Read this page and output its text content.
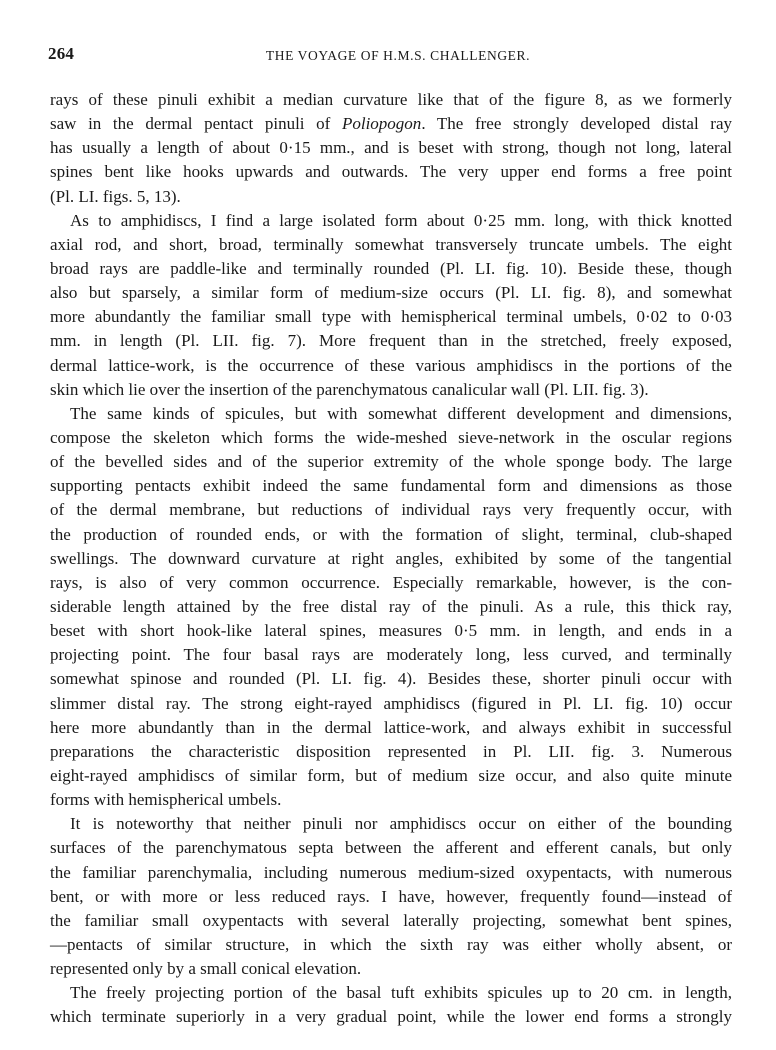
264	THE VOYAGE OF H.M.S. CHALLENGER.

rays of these pinuli exhibit a median curvature like that of the figure 8, as we formerly
saw in the dermal pentact pinuli of Poliopogon. The free strongly developed distal ray
has usually a length of about 0·15 mm., and is beset with strong, though not long, lateral
spines bent like hooks upwards and outwards. The very upper end forms a free point
(Pl. LI. figs. 5, 13).

As to amphidiscs, I find a large isolated form about 0·25 mm. long, with thick knotted
axial rod, and short, broad, terminally somewhat transversely truncate umbels. The eight
broad rays are paddle-like and terminally rounded (Pl. LI. fig. 10). Beside these, though
also but sparsely, a similar form of medium-size occurs (Pl. LI. fig. 8), and somewhat
more abundantly the familiar small type with hemispherical terminal umbels, 0·02 to 0·03
mm. in length (Pl. LII. fig. 7). More frequent than in the stretched, freely exposed,
dermal lattice-work, is the occurrence of these various amphidiscs in the portions of the
skin which lie over the insertion of the parenchymatous canalicular wall (Pl. LII. fig. 3).

The same kinds of spicules, but with somewhat different development and dimensions,
compose the skeleton which forms the wide-meshed sieve-network in the oscular regions
of the bevelled sides and of the superior extremity of the whole sponge body. The large
supporting pentacts exhibit indeed the same fundamental form and dimensions as those
of the dermal membrane, but reductions of individual rays very frequently occur, with
the production of rounded ends, or with the formation of slight, terminal, club-shaped
swellings. The downward curvature at right angles, exhibited by some of the tangential
rays, is also of very common occurrence. Especially remarkable, however, is the con-
siderable length attained by the free distal ray of the pinuli. As a rule, this thick ray,
beset with short hook-like lateral spines, measures 0·5 mm. in length, and ends in a
projecting point. The four basal rays are moderately long, less curved, and terminally
somewhat spinose and rounded (Pl. LI. fig. 4). Besides these, shorter pinuli occur with
slimmer distal ray. The strong eight-rayed amphidiscs (figured in Pl. LI. fig. 10) occur
here more abundantly than in the dermal lattice-work, and always exhibit in successful
preparations the characteristic disposition represented in Pl. LII. fig. 3. Numerous
eight-rayed amphidiscs of similar form, but of medium size occur, and also quite minute
forms with hemispherical umbels.

It is noteworthy that neither pinuli nor amphidiscs occur on either of the bounding
surfaces of the parenchymatous septa between the afferent and efferent canals, but only
the familiar parenchymalia, including numerous medium-sized oxypentacts, with numerous
bent, or with more or less reduced rays. I have, however, frequently found—instead of
the familiar small oxypentacts with several laterally projecting, somewhat bent spines,
—pentacts of similar structure, in which the sixth ray was either wholly absent, or
represented only by a small conical elevation.

The freely projecting portion of the basal tuft exhibits spicules up to 20 cm. in length,
which terminate superiorly in a very gradual point, while the lower end forms a strongly
